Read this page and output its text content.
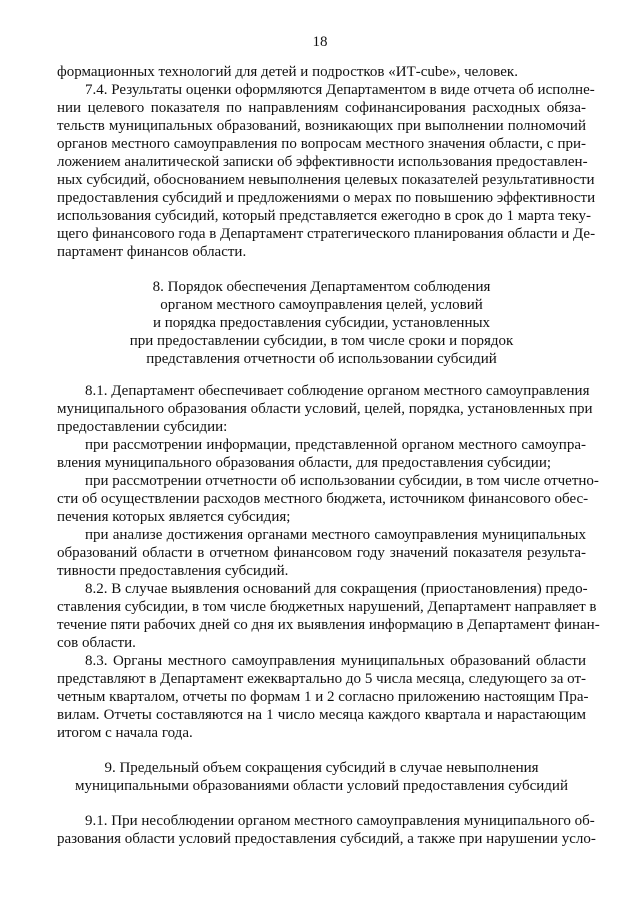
18
формационных технологий для детей и подростков «ИТ-cube», человек.
7.4. Результаты оценки оформляются Департаментом в виде отчета об исполне-
нии целевого показателя по направлениям софинансирования расходных обяза-
тельств муниципальных образований, возникающих при выполнении полномочий
органов местного самоуправления по вопросам местного значения области, с при-
ложением аналитической записки об эффективности использования предоставлен-
ных субсидий, обоснованием невыполнения целевых показателей результативности
предоставления субсидий и предложениями о мерах по повышению эффективности
использования субсидий, который представляется ежегодно в срок до 1 марта теку-
щего финансового года в Департамент стратегического планирования области и Де-
партамент финансов области.
8. Порядок обеспечения Департаментом соблюдения
органом местного самоуправления целей, условий
и порядка предоставления субсидии, установленных
при предоставлении субсидии, в том числе сроки и порядок
представления отчетности об использовании субсидий
8.1. Департамент обеспечивает соблюдение органом местного самоуправления
муниципального образования области условий, целей, порядка, установленных при
предоставлении субсидии:
при рассмотрении информации, представленной органом местного самоупра-
вления муниципального образования области, для предоставления субсидии;
при рассмотрении отчетности об использовании субсидии, в том числе отчетно-
сти об осуществлении расходов местного бюджета, источником финансового обес-
печения которых является субсидия;
при анализе достижения органами местного самоуправления муниципальных
образований области в отчетном финансовом году значений показателя результа-
тивности предоставления субсидий.
8.2. В случае выявления оснований для сокращения (приостановления) предо-
ставления субсидии, в том числе бюджетных нарушений, Департамент направляет в
течение пяти рабочих дней со дня их выявления информацию в Департамент финан-
сов области.
8.3. Органы местного самоуправления муниципальных образований области
представляют в Департамент ежеквартально до 5 числа месяца, следующего за от-
четным кварталом, отчеты по формам 1 и 2 согласно приложению настоящим Пра-
вилам. Отчеты составляются на 1 число месяца каждого квартала и нарастающим
итогом с начала года.
9. Предельный объем сокращения субсидий в случае невыполнения
муниципальными образованиями области условий предоставления субсидий
9.1. При несоблюдении органом местного самоуправления муниципального об-
разования области условий предоставления субсидий, а также при нарушении усло-
